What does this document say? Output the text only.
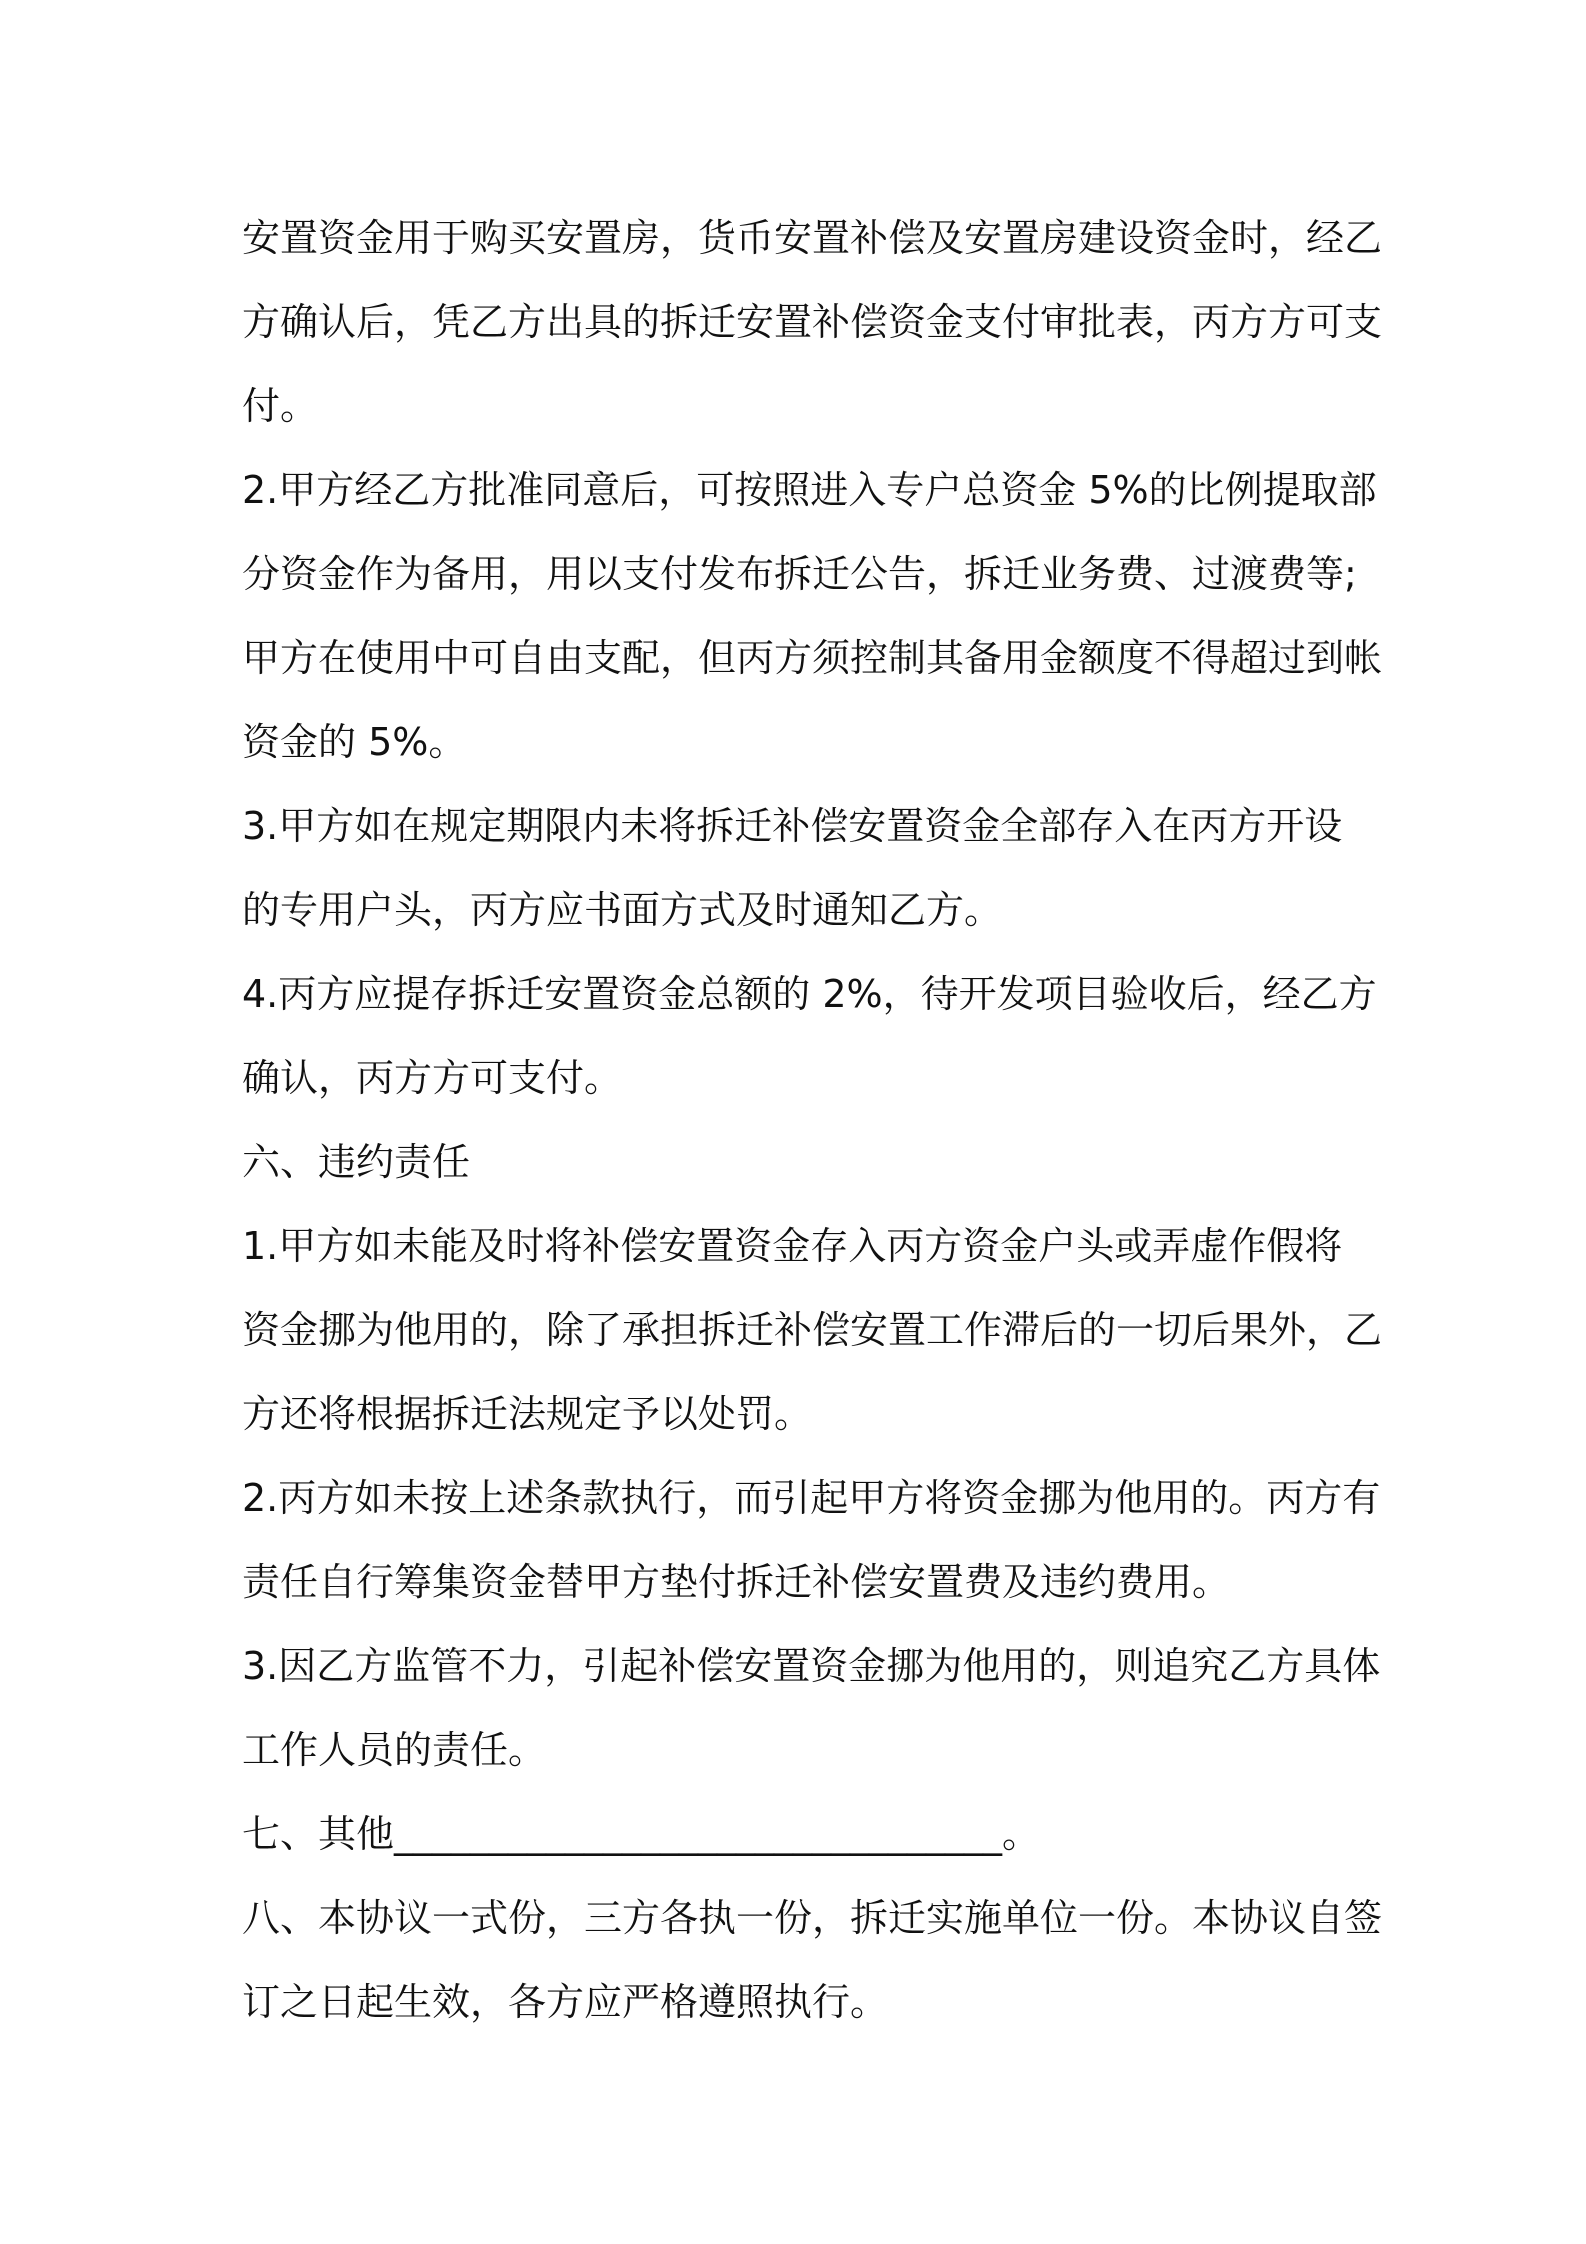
安置资金用于购买安置房，货币安置补偿及安置房建设资金时，经乙
方确认后，凭乙方出具的拆迁安置补偿资金支付审批表，丙方方可支
付。

2.甲方经乙方批准同意后，可按照进入专户总资金 5%的比例提取部
分资金作为备用，用以支付发布拆迁公告，拆迁业务费、过渡费等;
甲方在使用中可自由支配，但丙方须控制其备用金额度不得超过到帐
资金的 5%。

3.甲方如在规定期限内未将拆迁补偿安置资金全部存入在丙方开设
的专用户头，丙方应书面方式及时通知乙方。

4.丙方应提存拆迁安置资金总额的 2%，待开发项目验收后，经乙方
确认，丙方方可支付。

六、违约责任

1.甲方如未能及时将补偿安置资金存入丙方资金户头或弄虚作假将
资金挪为他用的，除了承担拆迁补偿安置工作滞后的一切后果外，乙
方还将根据拆迁法规定予以处罚。

2.丙方如未按上述条款执行，而引起甲方将资金挪为他用的。丙方有
责任自行筹集资金替甲方垫付拆迁补偿安置费及违约费用。

3.因乙方监管不力，引起补偿安置资金挪为他用的，则追究乙方具体
工作人员的责任。

七、其他________________________________。

八、本协议一式份，三方各执一份，拆迁实施单位一份。本协议自签
订之日起生效，各方应严格遵照执行。
